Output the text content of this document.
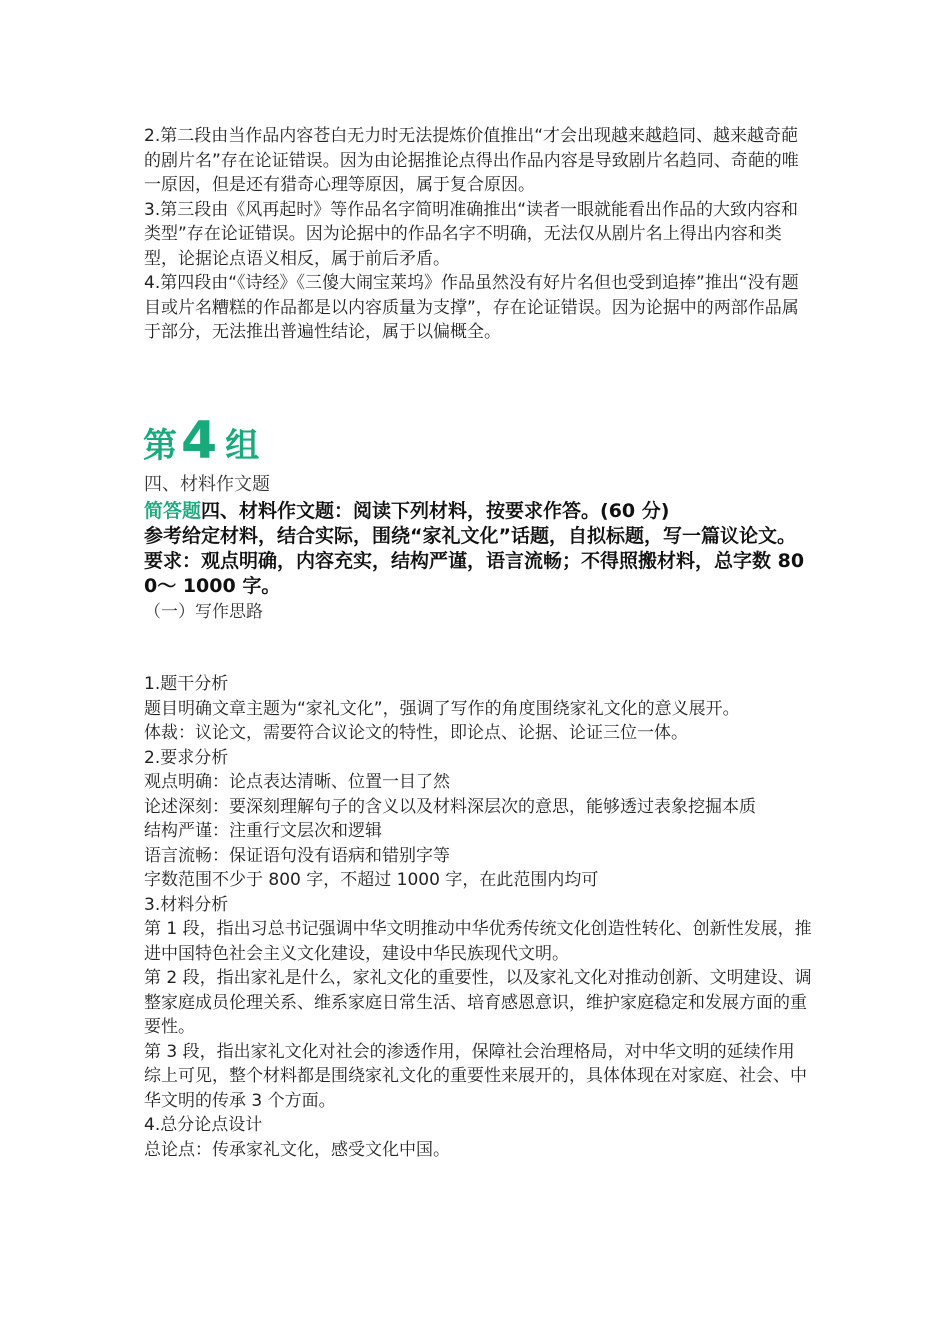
2.第二段由当作品内容苍白无力时无法提炼价值推出“才会出现越来越趋同、越来越奇葩的剧片名”存在论证错误。因为由论据推论点得出作品内容是导致剧片名趋同、奇葩的唯一原因，但是还有猎奇心理等原因，属于复合原因。

3.第三段由《风再起时》等作品名字简明准确推出“读者一眼就能看出作品的大致内容和类型”存在论证错误。因为论据中的作品名字不明确，无法仅从剧片名上得出内容和类型，论据论点语义相反，属于前后矛盾。

4.第四段由“《诗经》《三傻大闹宝莱坞》作品虽然没有好片名但也受到追捧”推出“没有题目或片名糟糕的作品都是以内容质量为支撑”，存在论证错误。因为论据中的两部作品属于部分，无法推出普遍性结论，属于以偏概全。

第 4 组

四、材料作文题

简答题四、材料作文题：阅读下列材料，按要求作答。(60 分)

参考给定材料，结合实际，围绕“家礼文化”话题，自拟标题，写一篇议论文。

要求：观点明确，内容充实，结构严谨，语言流畅；不得照搬材料，总字数 800～ 1000 字。

（一）写作思路

1.题干分析

题目明确文章主题为“家礼文化”，强调了写作的角度围绕家礼文化的意义展开。

体裁：议论文，需要符合议论文的特性，即论点、论据、论证三位一体。

2.要求分析

观点明确：论点表达清晰、位置一目了然

论述深刻：要深刻理解句子的含义以及材料深层次的意思，能够透过表象挖掘本质

结构严谨：注重行文层次和逻辑

语言流畅：保证语句没有语病和错别字等

字数范围不少于 800 字，不超过 1000 字，在此范围内均可

3.材料分析

第 1 段，指出习总书记强调中华文明推动中华优秀传统文化创造性转化、创新性发展，推进中国特色社会主义文化建设，建设中华民族现代文明。

第 2 段，指出家礼是什么，家礼文化的重要性，以及家礼文化对推动创新、文明建设、调整家庭成员伦理关系、维系家庭日常生活、培育感恩意识，维护家庭稳定和发展方面的重要性。

第 3 段，指出家礼文化对社会的渗透作用，保障社会治理格局，对中华文明的延续作用

综上可见，整个材料都是围绕家礼文化的重要性来展开的，具体体现在对家庭、社会、中华文明的传承 3 个方面。

4.总分论点设计

总论点：传承家礼文化，感受文化中国。
